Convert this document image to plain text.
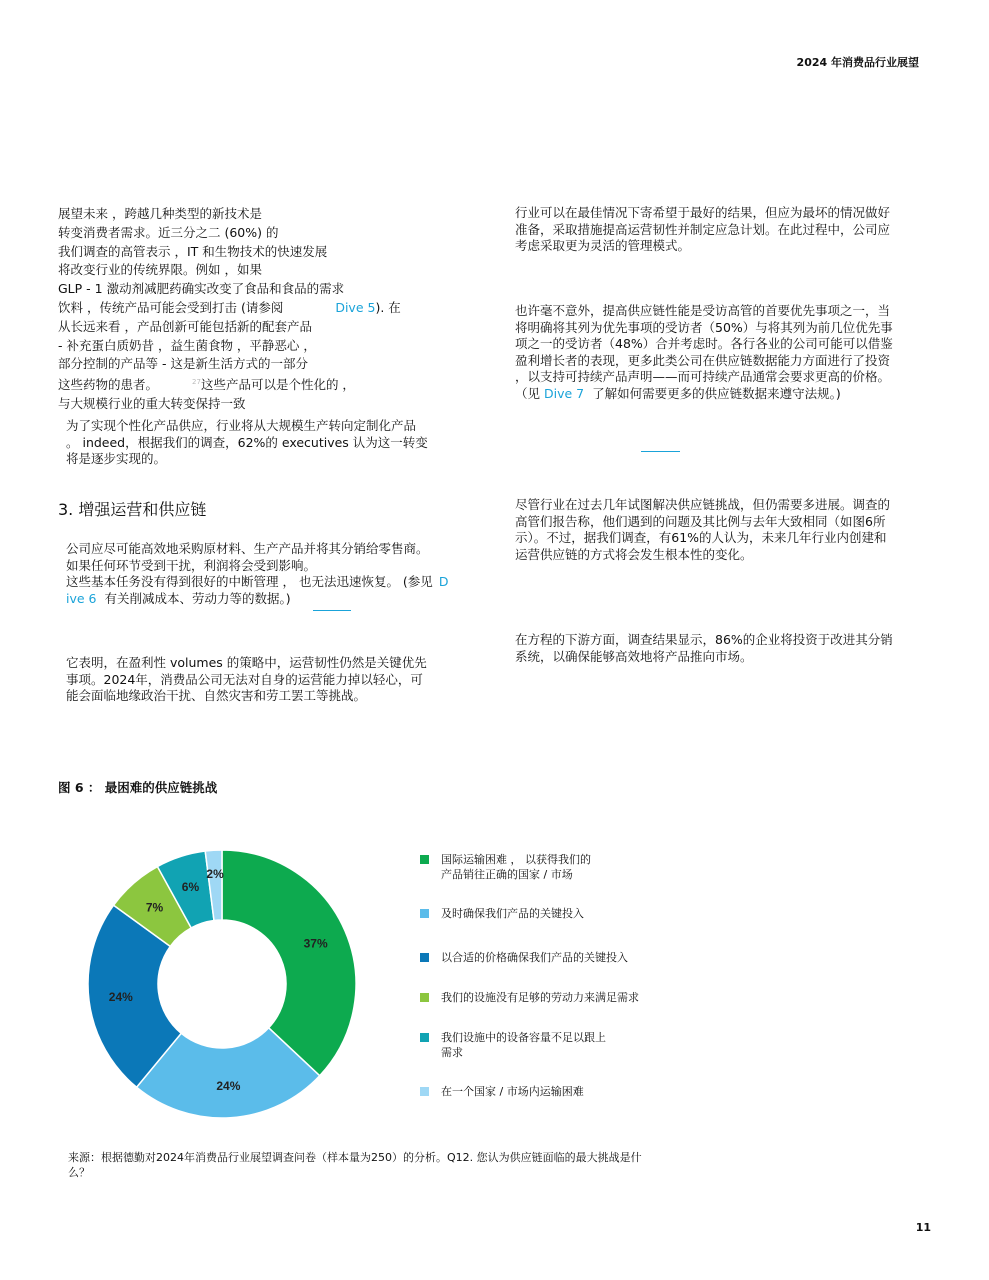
2024 年消费品行业展望
展望未来 ，跨越几种类型的新技术是
转变消费者需求。近三分之二 (60%) 的
我们调查的高管表示 ，IT 和生物技术的快速发展
将改变行业的传统界限。例如 ，如果
GLP - 1 激动剂减肥药确实改变了食品和食品的需求
饮料 ，传统产品可能会受到打击 (请参阅	Dive 5). 在
从长远来看 ，产品创新可能包括新的配套产品
- 补充蛋白质奶昔 ，益生菌食物 ，平静恶心 ，
部分控制的产品等 - 这是新生活方式的一部分
这些药物的患者。	$^{27}$这些产品可以是个性化的 ，
与大规模行业的重大转变保持一致
为了实现个性化产品供应，行业将从大规模生产转向定制化产品
。 indeed，根据我们的调查，62%的 executives 认为这一转变
将是逐步实现的。
3. 增强运营和供应链
公司应尽可能高效地采购原材料、生产产品并将其分销给零售商。
如果任何环节受到干扰，利润将会受到影响。
这些基本任务没有得到很好的中断管理 ， 也无法迅速恢复。 (参见 D
ive 6 有关削减成本、劳动力等的数据。)
它表明，在盈利性 volumes 的策略中，运营韧性仍然是关键优先
事项。2024年，消费品公司无法对自身的运营能力掉以轻心，可
能会面临地缘政治干扰、自然灾害和劳工罢工等挑战。
行业可以在最佳情况下寄希望于最好的结果，但应为最坏的情况做好
准备，采取措施提高运营韧性并制定应急计划。在此过程中，公司应
考虑采取更为灵活的管理模式。
也许毫不意外，提高供应链性能是受访高管的首要优先事项之一，当
将明确将其列为优先事项的受访者（50%）与将其列为前几位优先事
项之一的受访者（48%）合并考虑时。各行各业的公司可能可以借鉴
盈利增长者的表现，更多此类公司在供应链数据能力方面进行了投资
，以支持可持续产品声明——而可持续产品通常会要求更高的价格。
（见 Dive 7 了解如何需要更多的供应链数据来遵守法规。)
尽管行业在过去几年试图解决供应链挑战，但仍需要多进展。调查的
高管们报告称，他们遇到的问题及其比例与去年大致相同（如图6所
示）。不过，据我们调查，有61%的人认为，未来几年行业内创建和
运营供应链的方式将会发生根本性的变化。
在方程的下游方面，调查结果显示，86%的企业将投资于改进其分销
系统，以确保能够高效地将产品推向市场。
图 6 ： 最困难的供应链挑战
37%
24%
24%
7%
6%
2%
国际运输困难 ， 以获得我们的
产品销往正确的国家 / 市场
及时确保我们产品的关键投入
以合适的价格确保我们产品的关键投入
我们的设施没有足够的劳动力来满足需求
我们设施中的设备容量不足以跟上
需求
在一个国家 / 市场内运输困难
来源：根据德勤对2024年消费品行业展望调查问卷（样本量为250）的分析。Q12. 您认为供应链面临的最大挑战是什
么？
11
